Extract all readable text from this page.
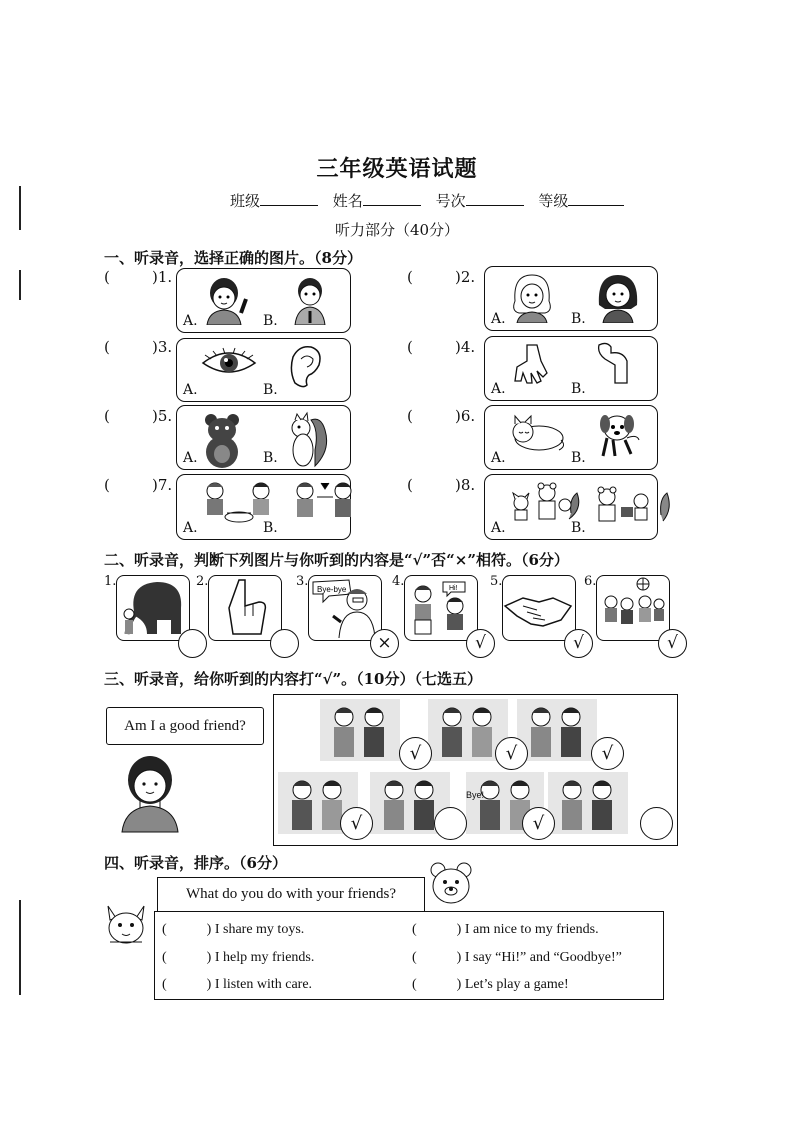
三年级英语试题
班级	姓名	号次	等级
听力部分（40分）
一、听录音，选择正确的图片。（8分）
(	)1.
A.	B.
(	)2.
A.	B.
(	)3.
A.	B.
(	)4.
A.	B.
(	)5.
A.	B.
(	)6.
A.	B.
(	)7.
A.	B.
(	)8.
A.	B.
二、听录音，判断下列图片与你听到的内容是“√”否“×”相符。（6分）
1.	2.	3.
Bye-bye
×
4.	Hi!
√
5.
√
6.
√
三、听录音，给你听到的内容打“√”。（10分）（七选五）
Am I a good friend?
Bye!
√	√	√
√	√
四、听录音，排序。（6分）
What do you do with your friends?
(	) I share my toys.
(	) I help my friends.
(	) I listen with care.
(	) I am nice to my friends.
(	) I say “Hi!” and “Goodbye!”
(	) Let’s play a game!
